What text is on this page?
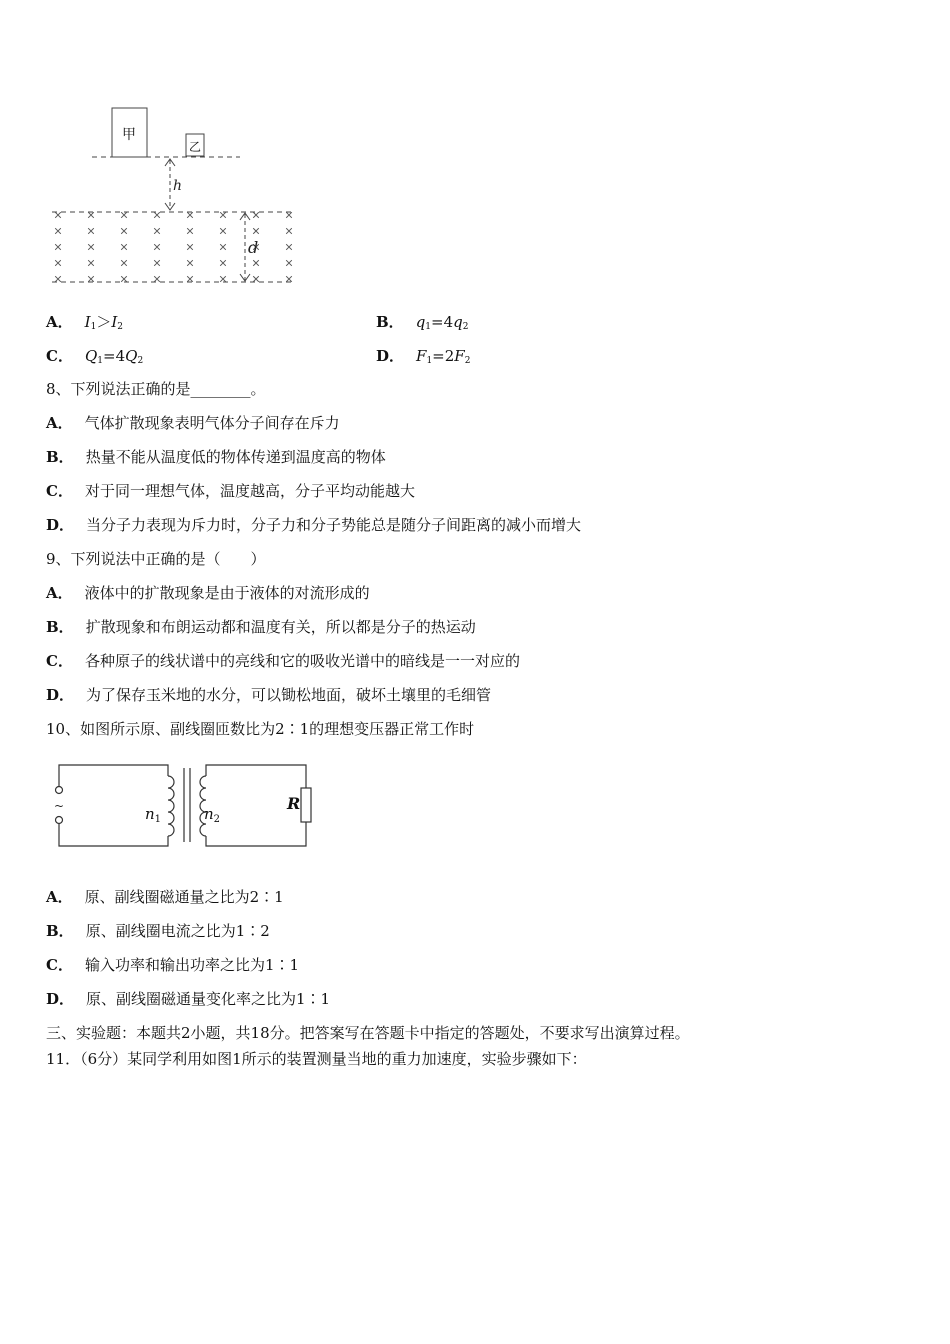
甲
乙
h
d
A． $I_1>I_2$	B． $q_1=4q_2$
C． $Q_1=4Q_2$	D． $F_1=2F_2$
8、下列说法正确的是________。
A． 气体扩散现象表明气体分子间存在斥力
B． 热量不能从温度低的物体传递到温度高的物体
C． 对于同一理想气体，温度越高，分子平均动能越大
D． 当分子力表现为斥力时，分子力和分子势能总是随分子间距离的减小而增大
9、下列说法中正确的是（　　）
A． 液体中的扩散现象是由于液体的对流形成的
B． 扩散现象和布朗运动都和温度有关，所以都是分子的热运动
C． 各种原子的线状谱中的亮线和它的吸收光谱中的暗线是一一对应的
D． 为了保存玉米地的水分，可以锄松地面，破坏土壤里的毛细管
10、如图所示原、副线圈匝数比为2∶1的理想变压器正常工作时
~	$n_1$	$n_2$
R
A． 原、副线圈磁通量之比为2∶1
B． 原、副线圈电流之比为1∶2
C． 输入功率和输出功率之比为1∶1
D． 原、副线圈磁通量变化率之比为1∶1
三、实验题：本题共2小题，共18分。把答案写在答题卡中指定的答题处，不要求写出演算过程。
11．（6分）某同学利用如图1所示的装置测量当地的重力加速度，实验步骤如下：
